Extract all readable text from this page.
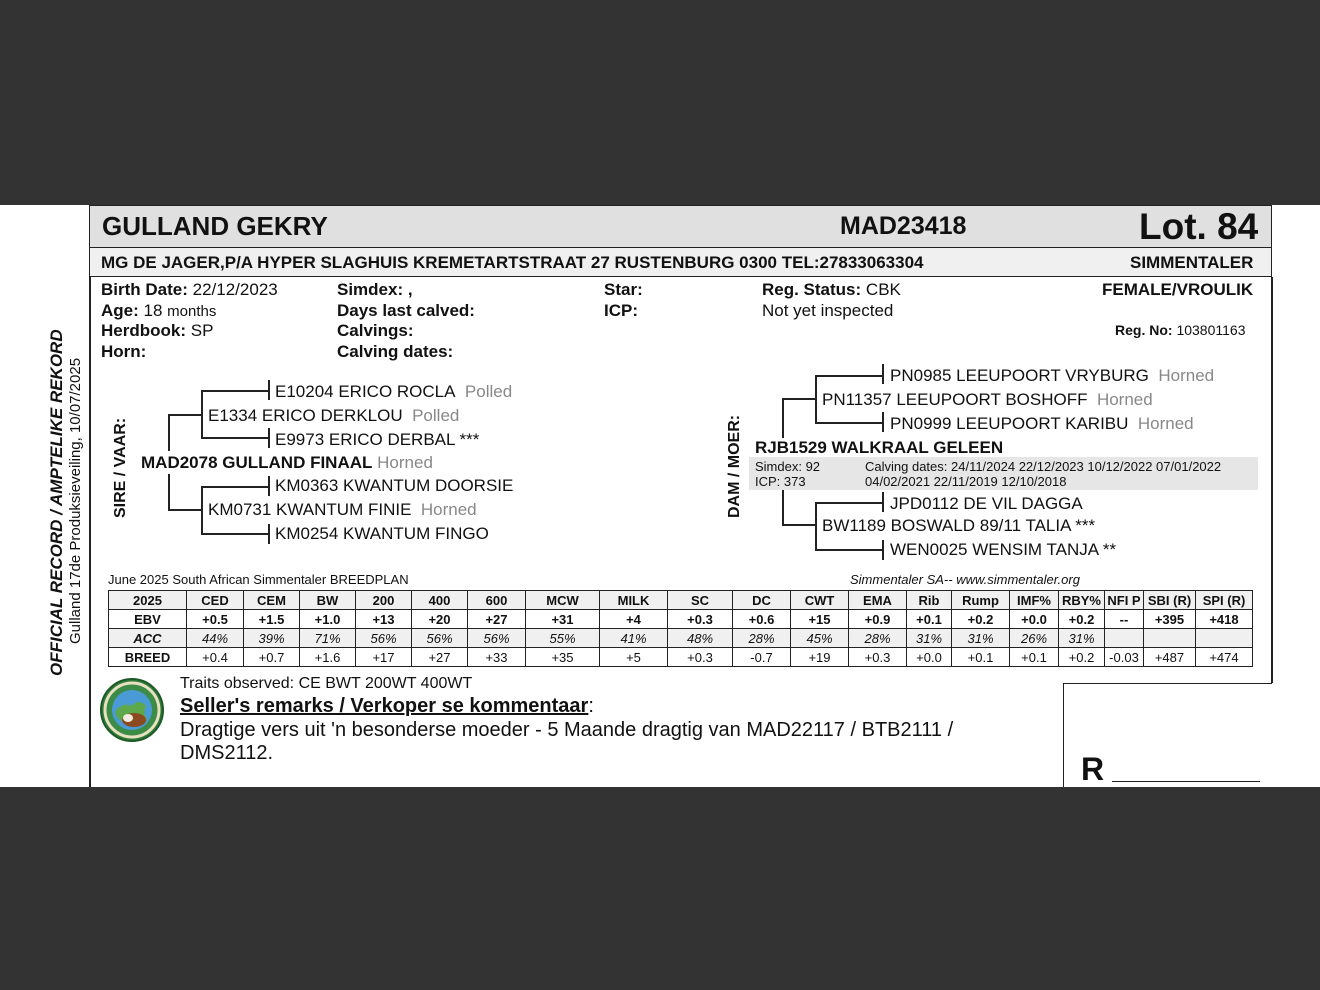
GULLAND GEKRY	MAD23418	Lot. 84
MG DE JAGER,P/A HYPER SLAGHUIS KREMETARTSTRAAT 27 RUSTENBURG 0300 TEL:27833063304	SIMMENTALER
OFFICIAL RECORD / AMPTELIKE REKORD Gulland 17de Produksieveiling, 10/07/2025
Birth Date: 22/12/2023
Age: 18 months
Herdbook: SP
Horn:
Simdex: ,
Days last calved:
Calvings:
Calving dates:
Star:
ICP:
Reg. Status: CBK
Not yet inspected
FEMALE/VROULIK
Reg. No: 103801163
SIRE / VAAR:
E10204 ERICO ROCLA Polled
E1334 ERICO DERKLOU Polled
E9973 ERICO DERBAL ***
MAD2078 GULLAND FINAAL Horned
KM0363 KWANTUM DOORSIE
KM0731 KWANTUM FINIE Horned
KM0254 KWANTUM FINGO
DAM / MOER:
PN0985 LEEUPOORT VRYBURG Horned
PN11357 LEEUPOORT BOSHOFF Horned
PN0999 LEEUPOORT KARIBU Horned
RJB1529 WALKRAAL GELEEN
Simdex: 92
ICP: 373
Calving dates: 24/11/2024 22/12/2023 10/12/2022 07/01/2022
04/02/2021 22/11/2019 12/10/2018
JPD0112 DE VIL DAGGA
BW1189 BOSWALD 89/11 TALIA ***
WEN0025 WENSIM TANJA **
June 2025 South African Simmentaler BREEDPLAN	Simmentaler SA-- www.simmentaler.org
2025	CED	CEM	BW	200	400	600	MCW	MILK	SC	DC	CWT	EMA	Rib	Rump	IMF%	RBY%	NFI P	SBI (R)	SPI (R)
EBV	+0.5	+1.5	+1.0	+13	+20	+27	+31	+4	+0.3	+0.6	+15	+0.9	+0.1	+0.2	+0.0	+0.2	--	+395	+418
ACC	44%	39%	71%	56%	56%	56%	55%	41%	48%	28%	45%	28%	31%	31%	26%	31%			
BREED	+0.4	+0.7	+1.6	+17	+27	+33	+35	+5	+0.3	-0.7	+19	+0.3	+0.0	+0.1	+0.1	+0.2	-0.03	+487	+474
Traits observed: CE BWT 200WT 400WT
Seller's remarks / Verkoper se kommentaar:
Dragtige vers uit 'n besonderse moeder - 5 Maande dragtig van MAD22117 / BTB2111 /
DMS2112.	R
